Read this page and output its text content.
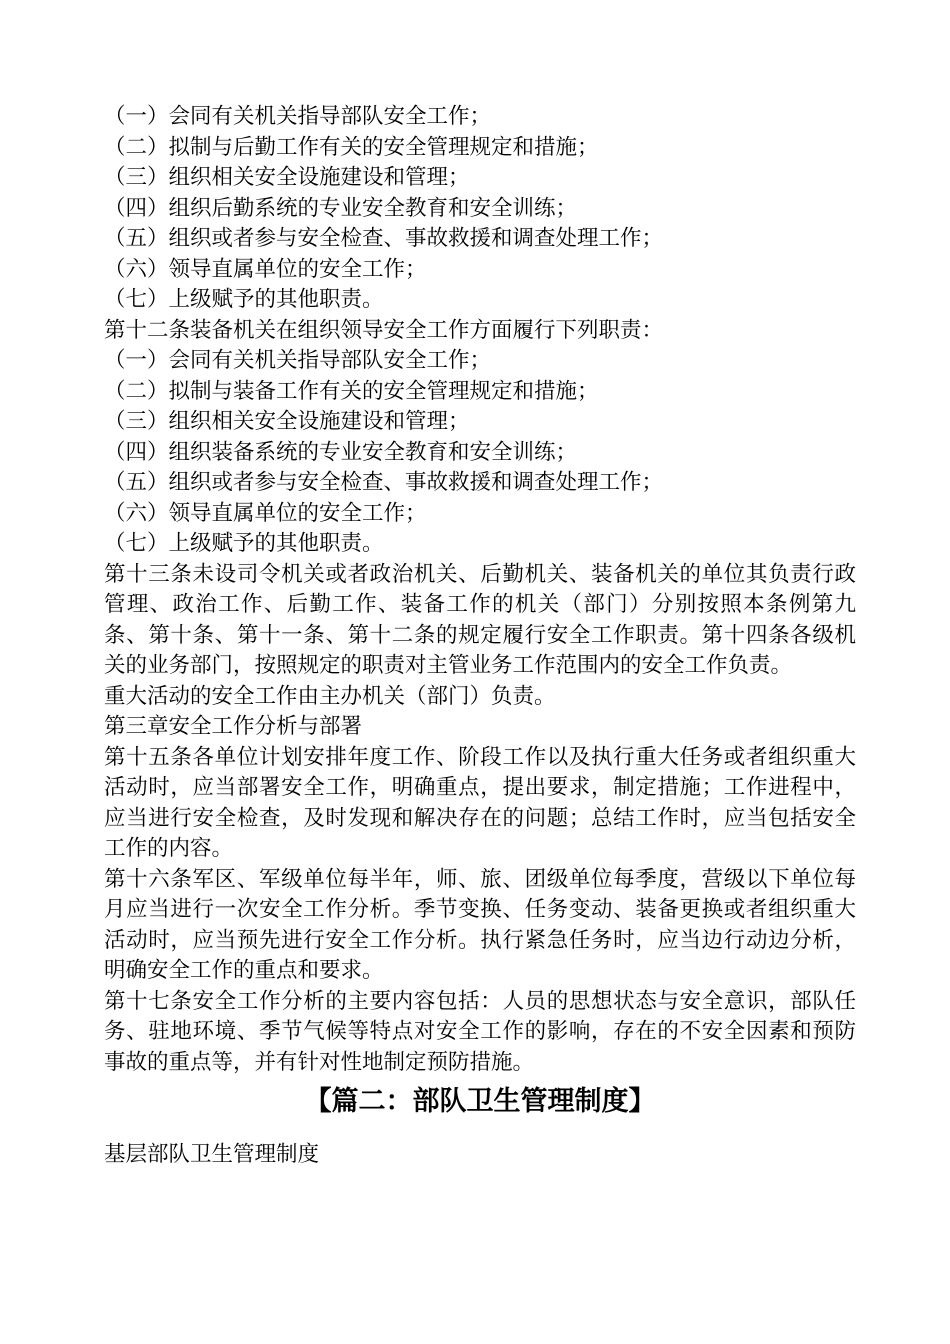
（一）会同有关机关指导部队安全工作；

（二）拟制与后勤工作有关的安全管理规定和措施；

（三）组织相关安全设施建设和管理；

（四）组织后勤系统的专业安全教育和安全训练；

（五）组织或者参与安全检查、事故救援和调查处理工作；

（六）领导直属单位的安全工作；

（七）上级赋予的其他职责。

第十二条装备机关在组织领导安全工作方面履行下列职责：

（一）会同有关机关指导部队安全工作；

（二）拟制与装备工作有关的安全管理规定和措施；

（三）组织相关安全设施建设和管理；

（四）组织装备系统的专业安全教育和安全训练；

（五）组织或者参与安全检查、事故救援和调查处理工作；

（六）领导直属单位的安全工作；

（七）上级赋予的其他职责。

第十三条未设司令机关或者政治机关、后勤机关、装备机关的单位其负责行政管理、政治工作、后勤工作、装备工作的机关（部门）分别按照本条例第九条、第十条、第十一条、第十二条的规定履行安全工作职责。第十四条各级机关的业务部门，按照规定的职责对主管业务工作范围内的安全工作负责。

重大活动的安全工作由主办机关（部门）负责。

第三章安全工作分析与部署

第十五条各单位计划安排年度工作、阶段工作以及执行重大任务或者组织重大活动时，应当部署安全工作，明确重点，提出要求，制定措施；工作进程中，应当进行安全检查，及时发现和解决存在的问题；总结工作时，应当包括安全工作的内容。

第十六条军区、军级单位每半年，师、旅、团级单位每季度，营级以下单位每月应当进行一次安全工作分析。季节变换、任务变动、装备更换或者组织重大活动时，应当预先进行安全工作分析。执行紧急任务时，应当边行动边分析，明确安全工作的重点和要求。

第十七条安全工作分析的主要内容包括：人员的思想状态与安全意识，部队任务、驻地环境、季节气候等特点对安全工作的影响，存在的不安全因素和预防事故的重点等，并有针对性地制定预防措施。

【篇二：部队卫生管理制度】

基层部队卫生管理制度
